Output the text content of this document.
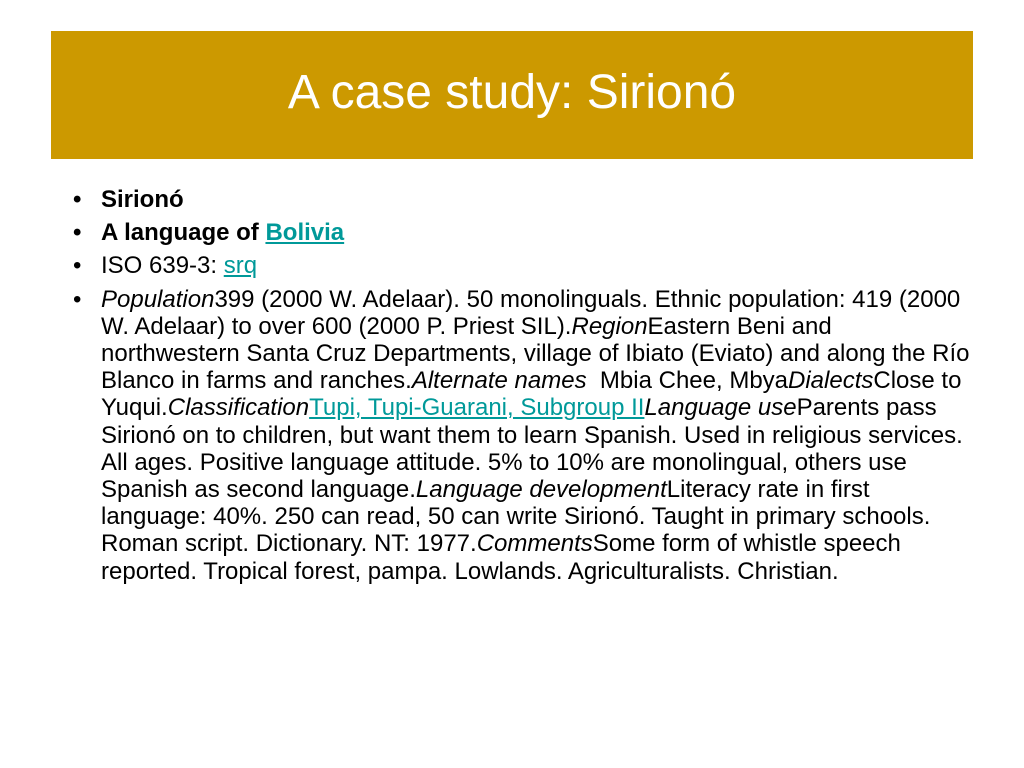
A case study: Sirionó
• Sirionó
• A language of Bolivia
• ISO 639-3: srq
• Population399 (2000 W. Adelaar). 50 monolinguals. Ethnic population: 419 (2000 W. Adelaar) to over 600 (2000 P. Priest SIL).RegionEastern Beni and northwestern Santa Cruz Departments, village of Ibiato (Eviato) and along the Río Blanco in farms and ranches.Alternate names  Mbia Chee, MbyaDialectsClose to Yuqui.ClassificationTupi, Tupi-Guarani, Subgroup IILanguage useParents pass Sirionó on to children, but want them to learn Spanish. Used in religious services. All ages. Positive language attitude. 5% to 10% are monolingual, others use Spanish as second language.Language developmentLiteracy rate in first language: 40%. 250 can read, 50 can write Sirionó. Taught in primary schools. Roman script. Dictionary. NT: 1977.CommentsSome form of whistle speech reported. Tropical forest, pampa. Lowlands. Agriculturalists. Christian.
